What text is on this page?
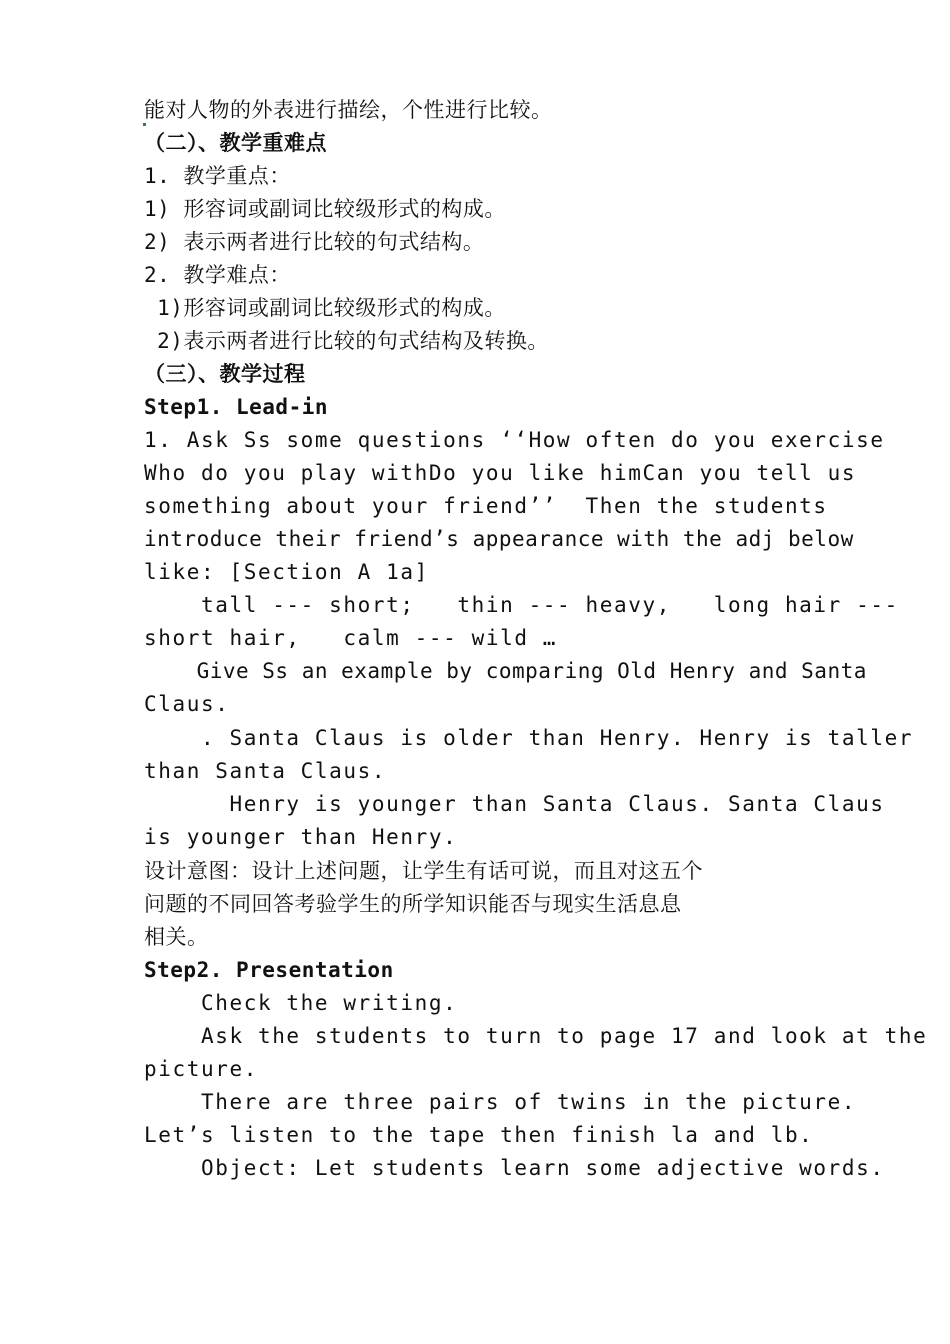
能对人物的外表进行描绘，个性进行比较。
（二）、教学重难点
1. 教学重点：
1) 形容词或副词比较级形式的构成。
2) 表示两者进行比较的句式结构。
2. 教学难点：
1)形容词或副词比较级形式的构成。
2)表示两者进行比较的句式结构及转换。
（三）、教学过程
Step1. Lead-in
1. Ask Ss some questions ‘‘How often do you exercise
Who do you play withDo you like himCan you tell us
something about your friend’’  Then the students
introduce their friend’s appearance with the adj below
like: [Section A 1a]
tall --- short;   thin --- heavy,   long hair ---
short hair,   calm --- wild …
Give Ss an example by comparing Old Henry and Santa
Claus.
. Santa Claus is older than Henry. Henry is taller
than Santa Claus.
Henry is younger than Santa Claus. Santa Claus
is younger than Henry.
设计意图：设计上述问题，让学生有话可说，而且对这五个
问题的不同回答考验学生的所学知识能否与现实生活息息
相关。
Step2. Presentation
Check the writing.
Ask the students to turn to page 17 and look at the
picture.
There are three pairs of twins in the picture.
Let’s listen to the tape then finish la and lb.
Object: Let students learn some adjective words.
